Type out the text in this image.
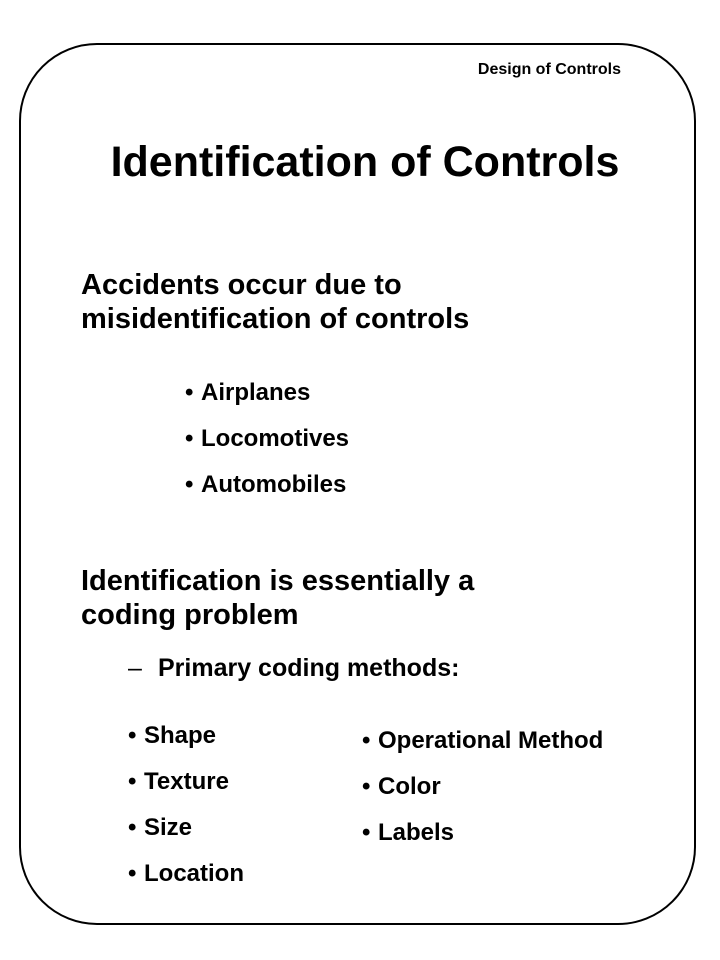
Design of Controls
Identification of Controls

Accidents occur due to
misidentification of controls

• Airplanes
• Locomotives
• Automobiles

Identification is essentially a
coding problem

– Primary coding methods:

• Shape
• Texture
• Size
• Location
• Operational Method
• Color
• Labels
